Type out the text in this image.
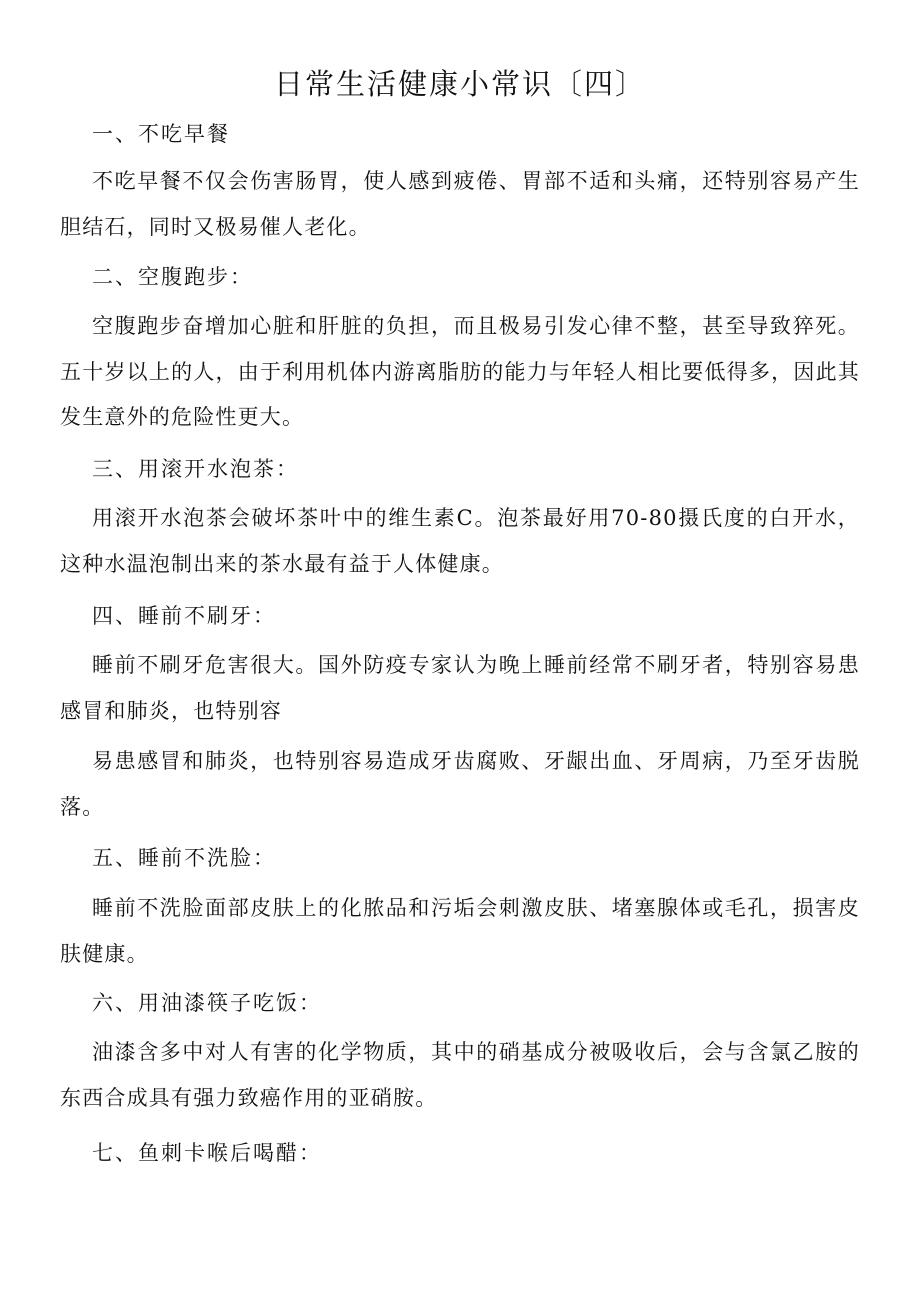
日常生活健康小常识〔四〕
一、不吃早餐

不吃早餐不仅会伤害肠胃，使人感到疲倦、胃部不适和头痛，还特别容易产生胆结石，同时又极易催人老化。

二、空腹跑步：

空腹跑步奋增加心脏和肝脏的负担，而且极易引发心律不整，甚至导致猝死。五十岁以上的人，由于利用机体内游离脂肪的能力与年轻人相比要低得多，因此其发生意外的危险性更大。

三、用滚开水泡茶：

用滚开水泡茶会破坏茶叶中的维生素C。泡茶最好用70-80摄氏度的白开水，这种水温泡制出来的茶水最有益于人体健康。

四、睡前不刷牙：

睡前不刷牙危害很大。国外防疫专家认为晚上睡前经常不刷牙者，特别容易患感冒和肺炎，也特别容

易患感冒和肺炎，也特别容易造成牙齿腐败、牙龈出血、牙周病，乃至牙齿脱落。

五、睡前不洗脸：

睡前不洗脸面部皮肤上的化脓品和污垢会刺激皮肤、堵塞腺体或毛孔，损害皮肤健康。

六、用油漆筷子吃饭：

油漆含多中对人有害的化学物质，其中的硝基成分被吸收后，会与含氯乙胺的东西合成具有强力致癌作用的亚硝胺。

七、鱼刺卡喉后喝醋：
